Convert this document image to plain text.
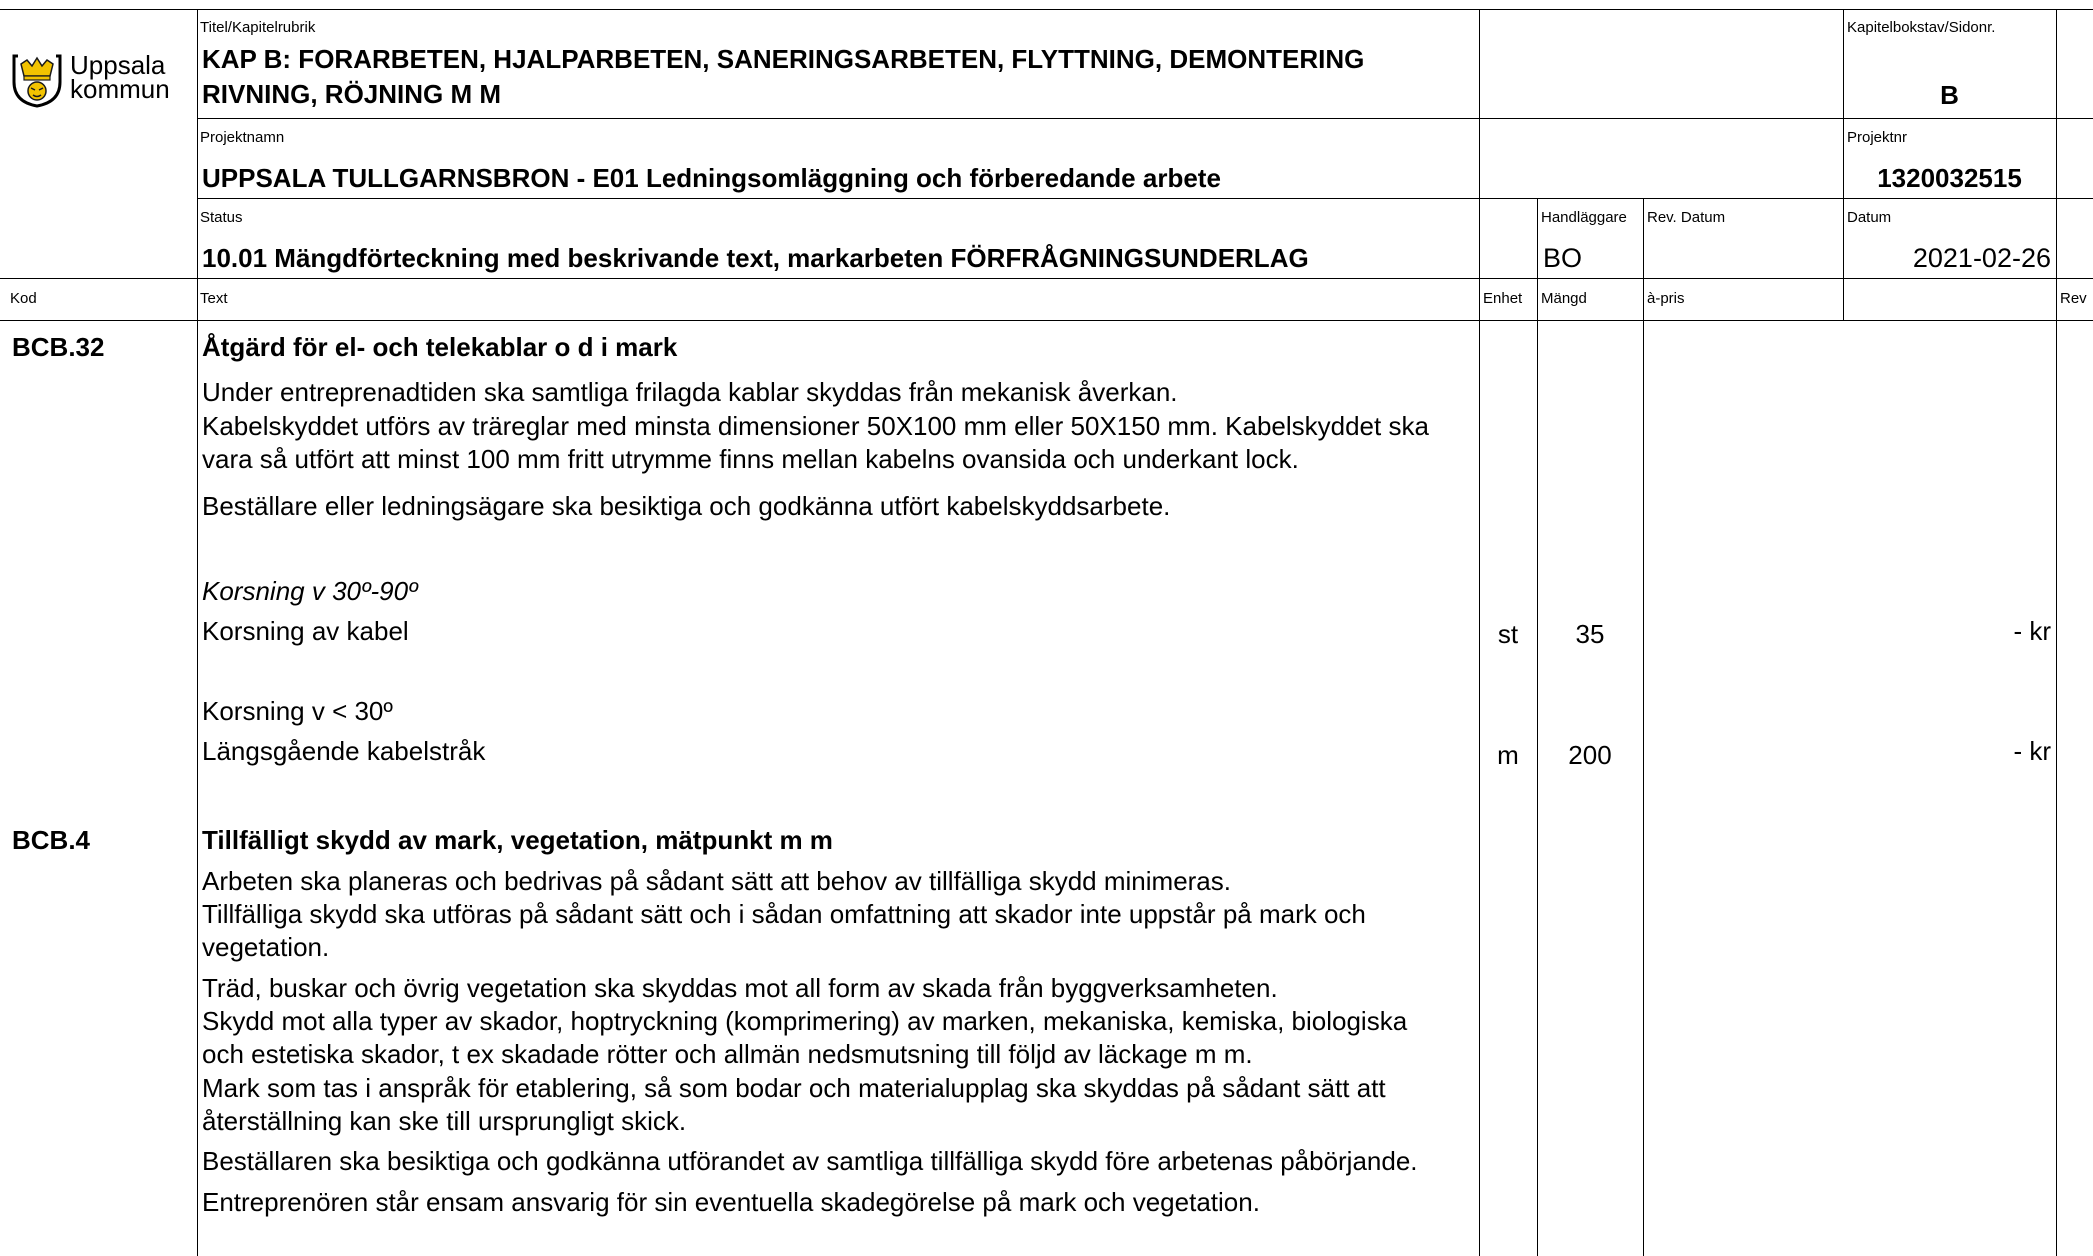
Uppsala
kommun
Titel/Kapitelrubrik
KAP B: FORARBETEN, HJALPARBETEN, SANERINGSARBETEN, FLYTTNING, DEMONTERING
RIVNING, RÖJNING M M
Kapitelbokstav/Sidonr.
B
Projektnamn
UPPSALA TULLGARNSBRON - E01 Ledningsomläggning och förberedande arbete
Projektnr
1320032515
Status
10.01 Mängdförteckning med beskrivande text, markarbeten FÖRFRÅGNINGSUNDERLAG
Handläggare
BO
Rev. Datum	Datum
2021-02-26
Kod	Text	Enhet Mängd	à-pris	Rev
BCB.32	Åtgärd för el- och telekablar o d i mark
Under entreprenadtiden ska samtliga frilagda kablar skyddas från mekanisk åverkan.
Kabelskyddet utförs av träreglar med minsta dimensioner 50X100 mm eller 50X150 mm. Kabelskyddet ska
vara så utfört att minst 100 mm fritt utrymme finns mellan kabelns ovansida och underkant lock.
Beställare eller ledningsägare ska besiktiga och godkänna utfört kabelskyddsarbete.
Korsning v 30º-90º
Korsning av kabel	st	35	- kr
Korsning v < 30º
Längsgående kabelstråk	m	200	- kr
BCB.4	Tillfälligt skydd av mark, vegetation, mätpunkt m m
Arbeten ska planeras och bedrivas på sådant sätt att behov av tillfälliga skydd minimeras.
Tillfälliga skydd ska utföras på sådant sätt och i sådan omfattning att skador inte uppstår på mark och
vegetation.
Träd, buskar och övrig vegetation ska skyddas mot all form av skada från byggverksamheten.
Skydd mot alla typer av skador, hoptryckning (komprimering) av marken, mekaniska, kemiska, biologiska
och estetiska skador, t ex skadade rötter och allmän nedsmutsning till följd av läckage m m.
Mark som tas i anspråk för etablering, så som bodar och materialupplag ska skyddas på sådant sätt att
återställning kan ske till ursprungligt skick.
Beställaren ska besiktiga och godkänna utförandet av samtliga tillfälliga skydd före arbetenas påbörjande.
Entreprenören står ensam ansvarig för sin eventuella skadegörelse på mark och vegetation.
